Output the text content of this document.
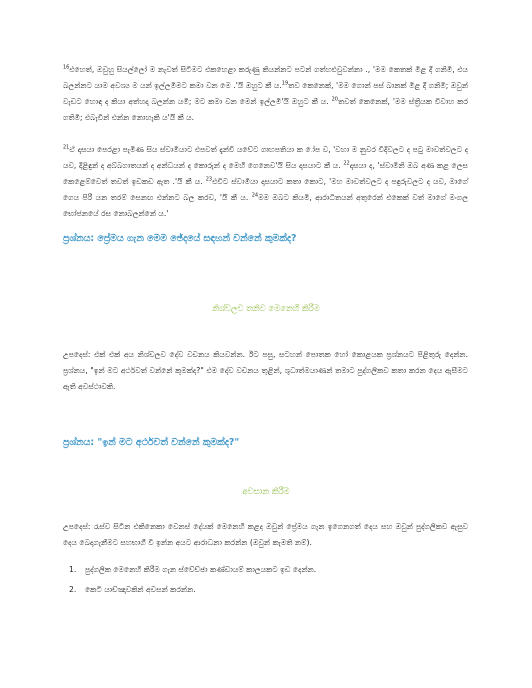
$^{16}$එහෙත්, ඔවුහු සියල්ලෝ ම නැවත් සිටීමට එකහෙළා කරුණු කියන්නට පටන් ගත්හළුවුවන්නා ., 'මම කෙතක් මිළ දී ගනිමි, එය බලන්නට යාම අවශ්‍ය ම යන් ඉල්ලමිමට කමා වන මෙ .'යි ඔහුට කී ය.$^{19}$තව කෙනෙක්, 'මම ගොන් පස් බානක් මිළ දී ගනිමි; ඔවුන් වැඩට හොඳ ද කියා අත්හදා බලන්න යමි; මට කමා වන මෙන් ඉල්ලමි'යි ඔහුට කී ය. $^{20}$තවත් කෙනෙක්, 'මම ස්ත්‍රියක විවාහ කර ගතිමි; එබැවින් එන්න නොහැකි ය'යි කී ය.

$^{21}$ඒ දාසයා පෙරළා පැමිණ සිය ස්වාමියාට එපවත් දැන්වී යවේට ගෘහපතියා ක .ෝප ව, 'වහා ම නුවර වීදිවලට ද පටු මාවත්වලට ද යව, දිළිඳුන් ද අබ්බගාතයන් ද අන්ධයන් ද කොරුන් ද මෙහි ගෙනෙව'යි සිය දාසයාට කී ය. $^{22}$දාසයා ද, 'ස්වාමීනි ඔබ අණ කළ ලෙස කෙළෙම්වෙත් තවත් ඉඩකඩ ඇත .'යි කී ය. $^{23}$එවිට ස්වාමියා දාසයාට කතා කොට, 'මහ මාවත්වලට ද පඳුරුවලට ද යව, මාගේ ගෙය පිරී යන තරම් සෙනඟ එන්නට බල කරව, 'යි කී ය. $^{24}$මම ඔබට කියමි, ආරාධිතයන් අතුරෙන් එකෙක් වත් මාගේ මංගල භෝජනයේ රස නොබලන්නේ ය.'

ප්‍රශ්නය: ප්‍රේමය ගැන මෙම ඡේදයේ සඳහන් වන්නේ කුමක්ද?

නිශ්චලව තනිව මෙනෙහි කිරීම

උපදෙස්: එක් එක් අය නිශ්චලව දේව වචනය කියවන්න. ඊට පසු, සටහන් පොතක හෝ කොළයක ප්‍රශ්නයට පිළිතුරු දෙන්න. ප්‍රශ්නය, "ඉන් මට අර්ථවත් වන්නේ කුමක්ද?" එම දේව වචනය තුළින්, ශුධාත්මයාණන් තමාට පුද්ගලිකව කතා කරන දෙය ඇසීමට ඇති අවස්ථාවකි.

ප්‍රශ්නය: "ඉන් මට අර්ථවත් වන්නේ කුමක්ද?"

අවසාන කිරීම

උපදෙස්: රැස්ව සිටින එකිනෙකා වෙනස් දේයක් මෙනෙහි කළද ඔවුන් ප්‍රේමය ගැන ඉගෙනගත් දෙය සහ ඔවුන් පුද්ගලිකව ඇසුව දෙය බෙදාගැනීමට සහභාගී වී ඉන්න අයට ආරාධනා කරන්න (ඔවුන් කැමති නම්).

1. පුද්ගලික මෙනෙහි කිරීම ගැන ස්වේච්ඡා කණ්ඩායම් කාලයකට ඉඩ දෙන්න.
2. කෙටි යාච්ඤාවකින් අවසන් කරන්න.
